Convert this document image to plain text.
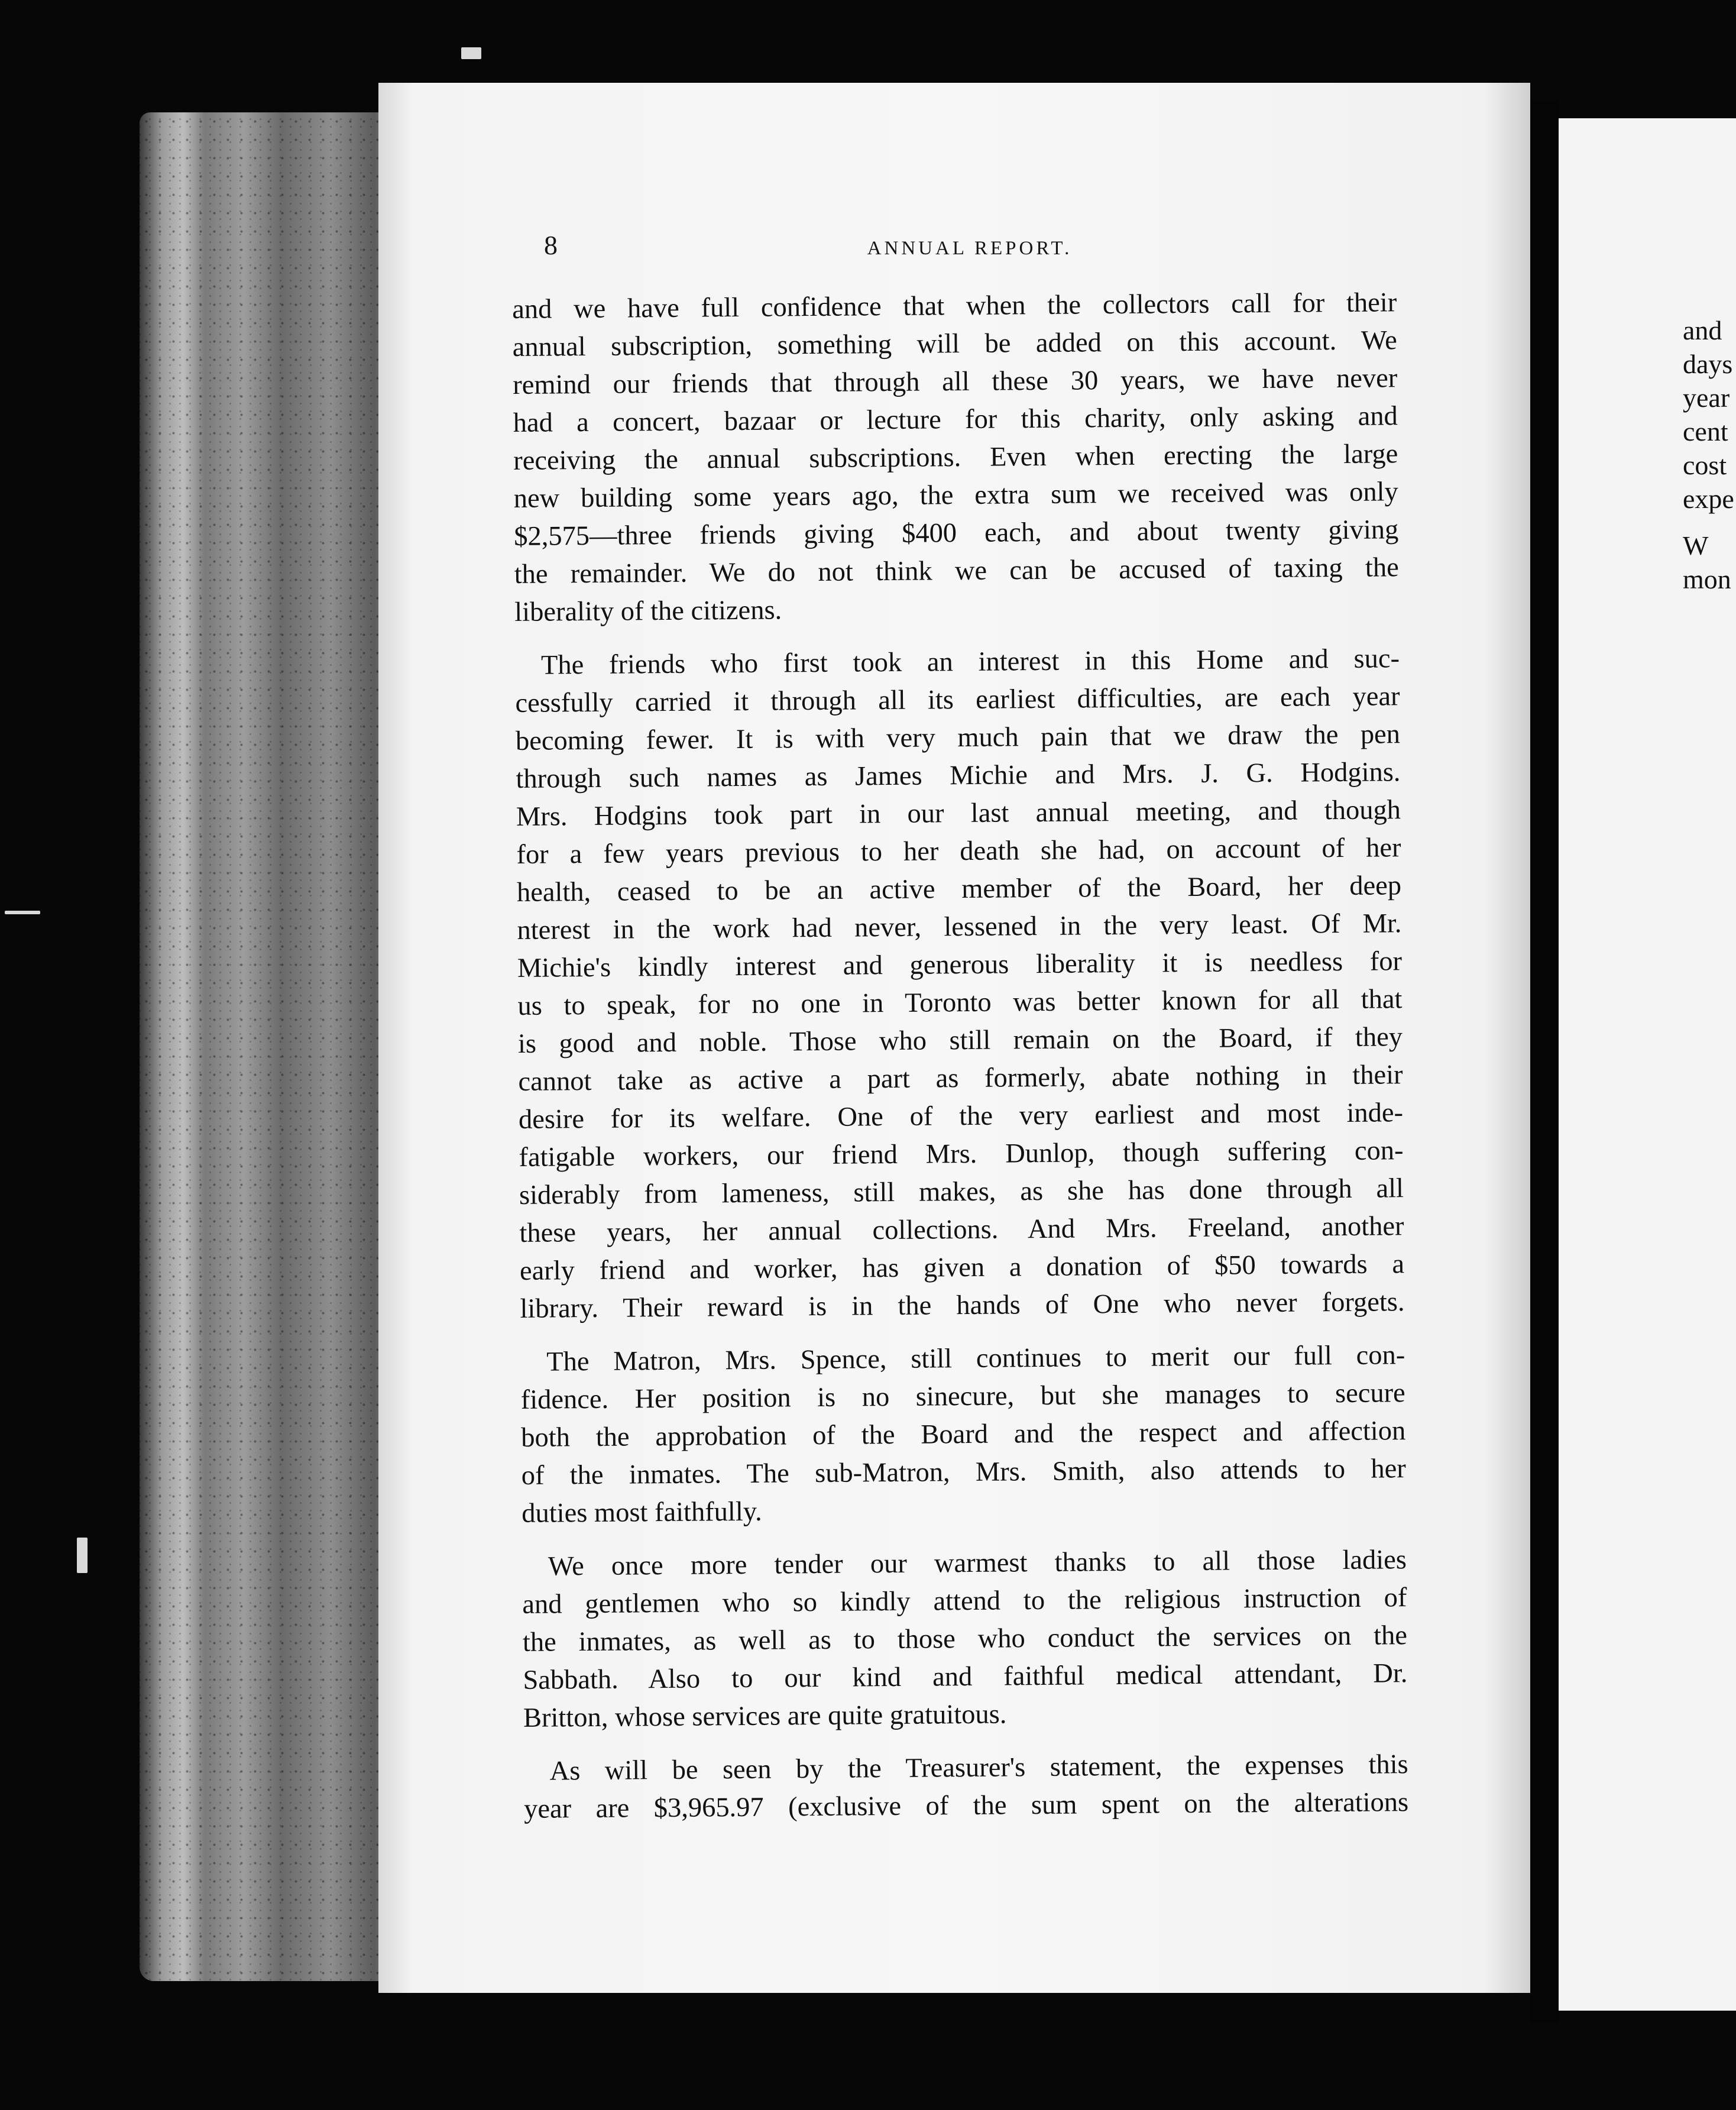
8	ANNUAL REPORT.

and we have full confidence that when the collectors call for their
annual subscription, something will be added on this account. We
remind our friends that through all these 30 years, we have never
had a concert, bazaar or lecture for this charity, only asking and
receiving the annual subscriptions. Even when erecting the large
new building some years ago, the extra sum we received was only
$2,575—three friends giving $400 each, and about twenty giving
the remainder. We do not think we can be accused of taxing the
liberality of the citizens.

The friends who first took an interest in this Home and suc-
cessfully carried it through all its earliest difficulties, are each year
becoming fewer. It is with very much pain that we draw the pen
through such names as James Michie and Mrs. J. G. Hodgins.
Mrs. Hodgins took part in our last annual meeting, and though
for a few years previous to her death she had, on account of her
health, ceased to be an active member of the Board, her deep
nterest in the work had never, lessened in the very least. Of Mr.
Michie's kindly interest and generous liberality it is needless for
us to speak, for no one in Toronto was better known for all that
is good and noble. Those who still remain on the Board, if they
cannot take as active a part as formerly, abate nothing in their
desire for its welfare. One of the very earliest and most inde-
fatigable workers, our friend Mrs. Dunlop, though suffering con-
siderably from lameness, still makes, as she has done through all
these years, her annual collections. And Mrs. Freeland, another
early friend and worker, has given a donation of $50 towards a
library. Their reward is in the hands of One who never forgets.

The Matron, Mrs. Spence, still continues to merit our full con-
fidence. Her position is no sinecure, but she manages to secure
both the approbation of the Board and the respect and affection
of the inmates. The sub-Matron, Mrs. Smith, also attends to her
duties most faithfully.

We once more tender our warmest thanks to all those ladies
and gentlemen who so kindly attend to the religious instruction of
the inmates, as well as to those who conduct the services on the
Sabbath. Also to our kind and faithful medical attendant, Dr.
Britton, whose services are quite gratuitous.

As will be seen by the Treasurer's statement, the expenses this
year are $3,965.97 (exclusive of the sum spent on the alterations

and
days
year
cent
cost
expe
W
mon
